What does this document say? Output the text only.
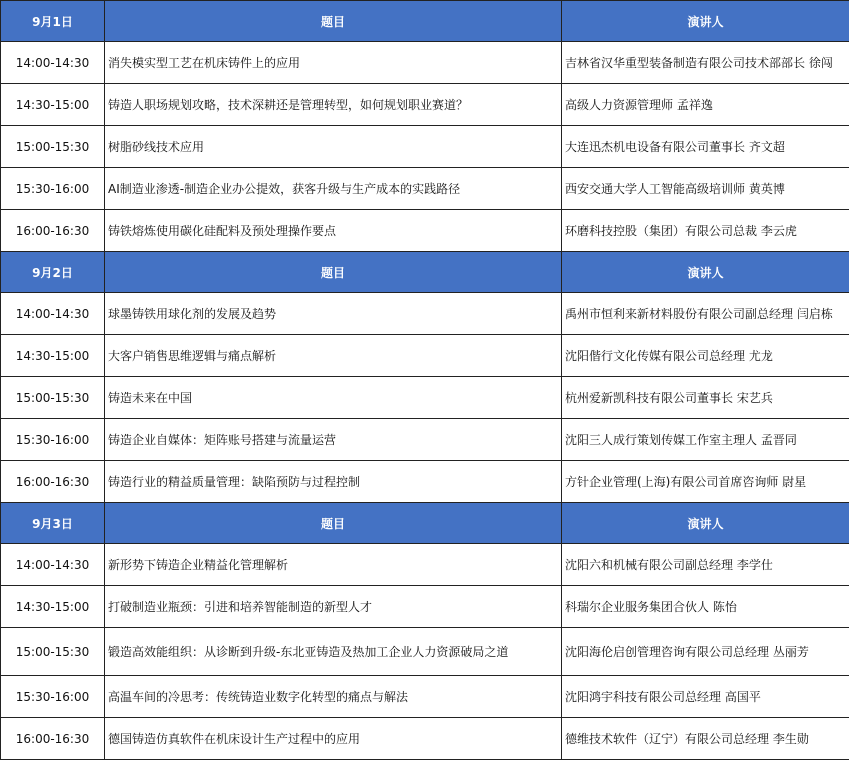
9月1日	题目	演讲人
14:00-14:30	消失模实型工艺在机床铸件上的应用	吉林省汉华重型装备制造有限公司技术部部长 徐闯
14:30-15:00	铸造人职场规划攻略，技术深耕还是管理转型，如何规划职业赛道？	高级人力资源管理师 孟祥逸
15:00-15:30	树脂砂线技术应用	大连迅杰机电设备有限公司董事长 齐文超
15:30-16:00	AI制造业渗透-制造企业办公提效，获客升级与生产成本的实践路径	西安交通大学人工智能高级培训师 黄英博
16:00-16:30	铸铁熔炼使用碳化硅配料及预处理操作要点	环磨科技控股（集团）有限公司总裁 李云虎
9月2日	题目	演讲人
14:00-14:30	球墨铸铁用球化剂的发展及趋势	禹州市恒利来新材料股份有限公司副总经理 闫启栋
14:30-15:00	大客户销售思维逻辑与痛点解析	沈阳偕行文化传媒有限公司总经理 尤龙
15:00-15:30	铸造未来在中国	杭州爱新凯科技有限公司董事长 宋艺兵
15:30-16:00	铸造企业自媒体：矩阵账号搭建与流量运营	沈阳三人成行策划传媒工作室主理人 孟晋同
16:00-16:30	铸造行业的精益质量管理：缺陷预防与过程控制	方针企业管理(上海)有限公司首席咨询师 尉星
9月3日	题目	演讲人
14:00-14:30	新形势下铸造企业精益化管理解析	沈阳六和机械有限公司副总经理 李学仕
14:30-15:00	打破制造业瓶颈：引进和培养智能制造的新型人才	科瑞尔企业服务集团合伙人 陈怡
15:00-15:30	锻造高效能组织：从诊断到升级-东北亚铸造及热加工企业人力资源破局之道	沈阳海伦启创管理咨询有限公司总经理 丛丽芳
15:30-16:00	高温车间的冷思考：传统铸造业数字化转型的痛点与解法	沈阳鸿宇科技有限公司总经理 高国平
16:00-16:30	德国铸造仿真软件在机床设计生产过程中的应用	德维技术软件（辽宁）有限公司总经理 李生勋
